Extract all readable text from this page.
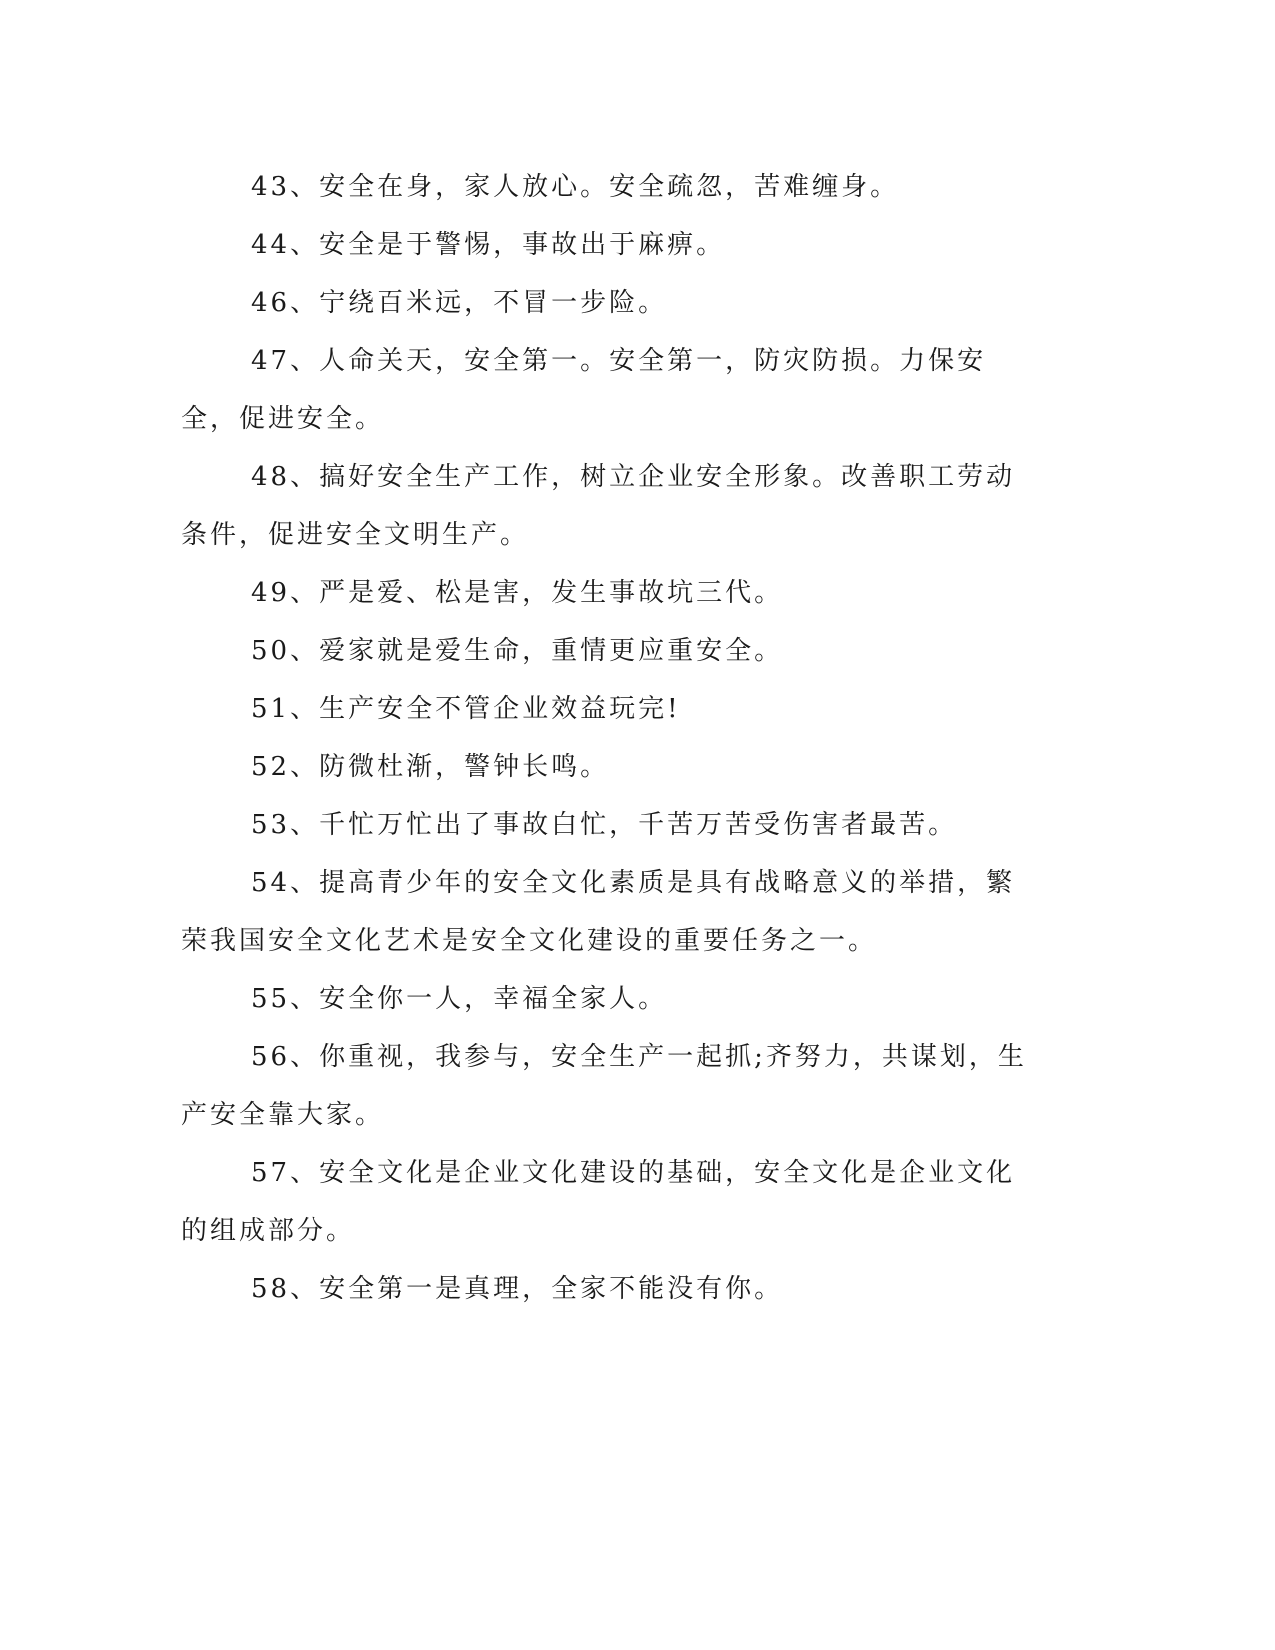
43、安全在身，家人放心。安全疏忽，苦难缠身。

44、安全是于警惕，事故出于麻痹。

46、宁绕百米远，不冒一步险。

47、人命关天，安全第一。安全第一，防灾防损。力保安全，促进安全。

48、搞好安全生产工作，树立企业安全形象。改善职工劳动条件，促进安全文明生产。

49、严是爱、松是害，发生事故坑三代。

50、爱家就是爱生命，重情更应重安全。

51、生产安全不管企业效益玩完!

52、防微杜渐，警钟长鸣。

53、千忙万忙出了事故白忙，千苦万苦受伤害者最苦。

54、提高青少年的安全文化素质是具有战略意义的举措，繁荣我国安全文化艺术是安全文化建设的重要任务之一。

55、安全你一人，幸福全家人。

56、你重视，我参与，安全生产一起抓;齐努力，共谋划，生产安全靠大家。

57、安全文化是企业文化建设的基础，安全文化是企业文化的组成部分。

58、安全第一是真理，全家不能没有你。
